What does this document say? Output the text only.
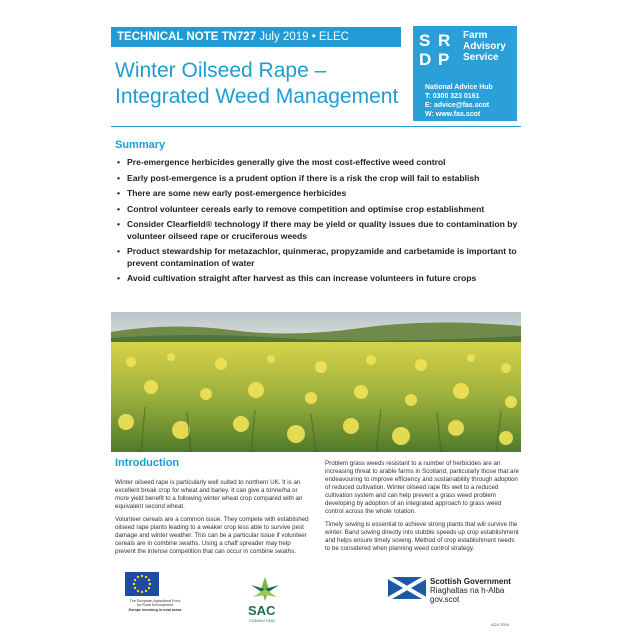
TECHNICAL NOTE TN727 July 2019 • ELEC
Winter Oilseed Rape –
Integrated Weed Management
S R
D P
Farm
Advisory
Service
National Advice Hub
T: 0300 323 0161
E: advice@fas.scot
W: www.fas.scot
Summary
• Pre-emergence herbicides generally give the most cost-effective weed control
• Early post-emergence is a prudent option if there is a risk the crop will fail to establish
• There are some new early post-emergence herbicides
• Control volunteer cereals early to remove competition and optimise crop establishment
• Consider Clearfield® technology if there may be yield or quality issues due to contamination by volunteer oilseed rape or cruciferous weeds
• Product stewardship for metazachlor, quinmerac, propyzamide and carbetamide is important to prevent contamination of water
• Avoid cultivation straight after harvest as this can increase volunteers in future crops
Introduction

Winter oilseed rape is particularly well suited to northern UK. It is an excellent break crop for wheat and barley. It can give a tonne/ha or more yield benefit to a following winter wheat crop compared with an equivalent second wheat.

Volunteer cereals are a common issue. They compete with established oilseed rape plants leading to a weaker crop less able to survive pest damage and winter weather. This can be a particular issue if volunteer cereals are in combine swaths. Using a chaff spreader may help prevent the intense competition that can occur in combine swaths.

Problem grass weeds resistant to a number of herbicides are an increasing threat to arable farms in Scotland, particularly those that are endeavouring to improve efficiency and sustainability through adoption of reduced cultivation. Winter oilseed rape fits well to a reduced cultivation system and can help prevent a grass weed problem developing by adoption of an integrated approach to grass weed control across the whole rotation.

Timely sowing is essential to achieve strong plants that will survive the winter. Band sowing directly into stubble speeds up crop establishment and helps ensure timely sowing. Method of crop establishment needs to be considered when planning weed control strategy.

The European Agricultural Fund
for Rural Development
Europe investing in rural areas	SAC
CONSULTING
Scottish Government
Riaghaltas na h-Alba
gov.scot
ADV 2019
